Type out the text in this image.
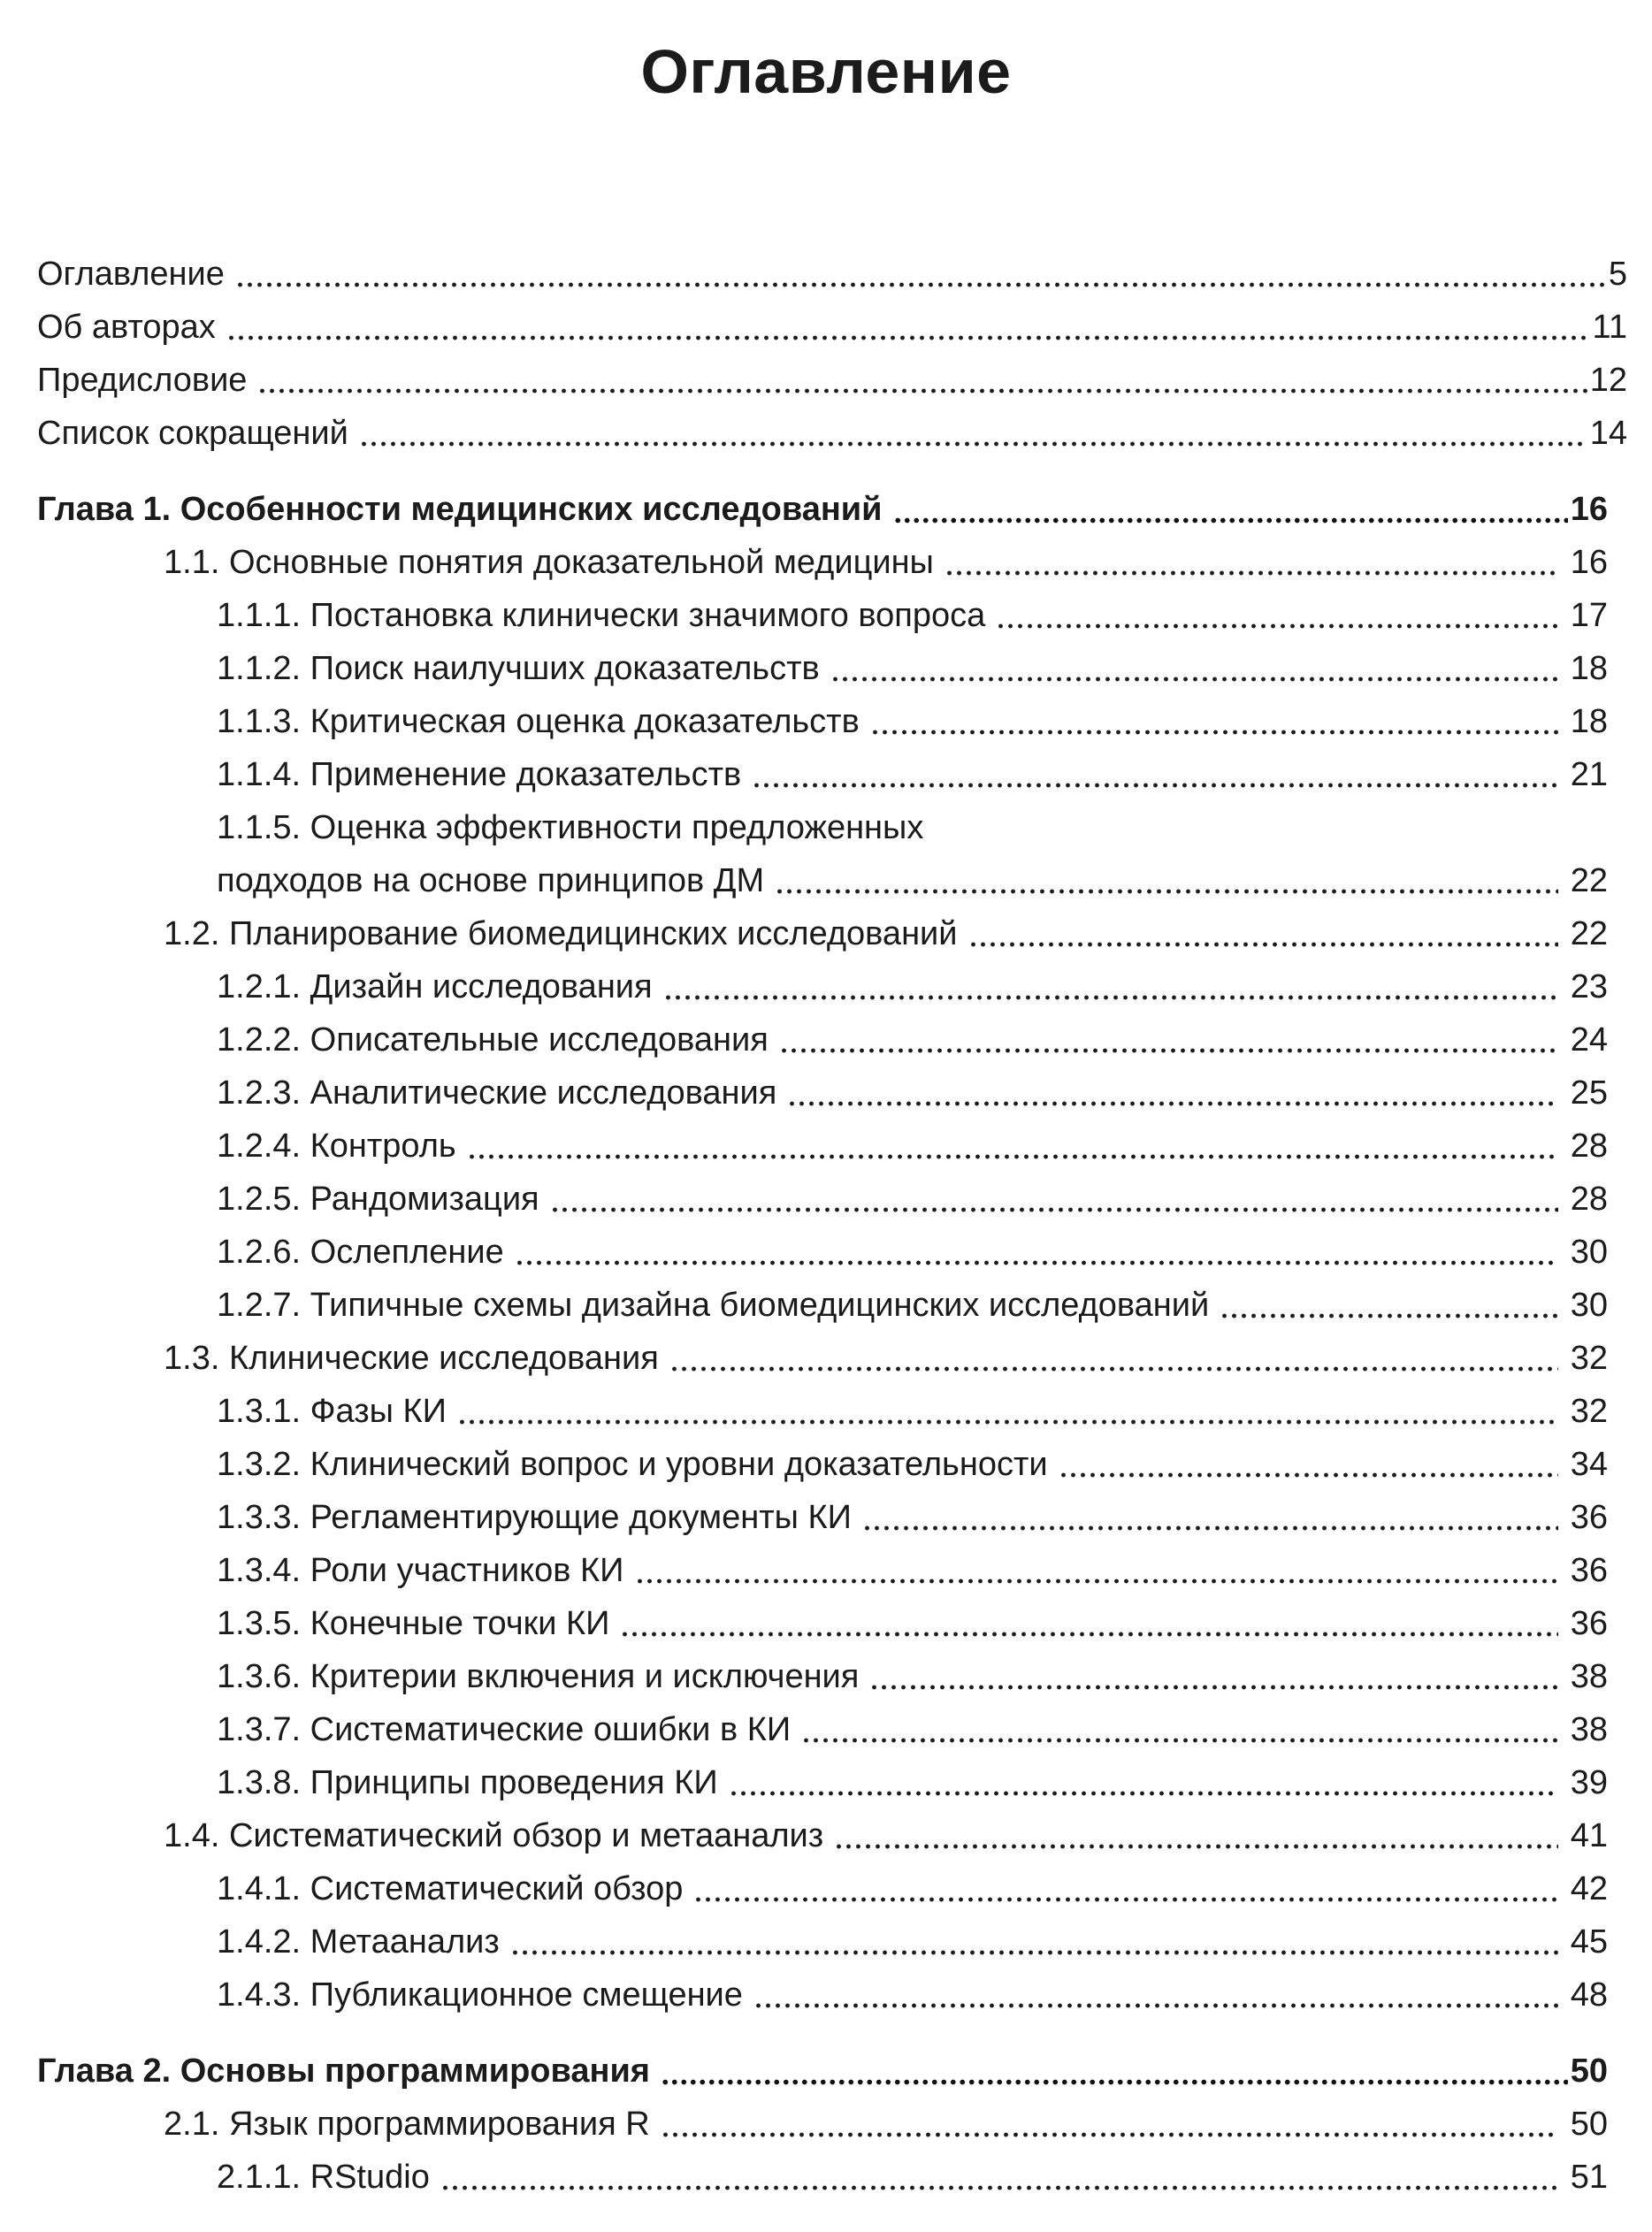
Оглавление
Оглавление	5
Об авторах	11
Предисловие	12
Список сокращений	14
Глава 1. Особенности медицинских исследований	16
1.1. Основные понятия доказательной медицины	16
1.1.1. Постановка клинически значимого вопроса	17
1.1.2. Поиск наилучших доказательств	18
1.1.3. Критическая оценка доказательств	18
1.1.4. Применение доказательств	21
1.1.5. Оценка эффективности предложенных
подходов на основе принципов ДМ	22
1.2. Планирование биомедицинских исследований	22
1.2.1. Дизайн исследования	23
1.2.2. Описательные исследования	24
1.2.3. Аналитические исследования	25
1.2.4. Контроль	28
1.2.5. Рандомизация	28
1.2.6. Ослепление	30
1.2.7. Типичные схемы дизайна биомедицинских исследований	30
1.3. Клинические исследования	32
1.3.1. Фазы КИ	32
1.3.2. Клинический вопрос и уровни доказательности	34
1.3.3. Регламентирующие документы КИ	36
1.3.4. Роли участников КИ	36
1.3.5. Конечные точки КИ	36
1.3.6. Критерии включения и исключения	38
1.3.7. Систематические ошибки в КИ	38
1.3.8. Принципы проведения КИ	39
1.4. Систематический обзор и метаанализ	41
1.4.1. Систематический обзор	42
1.4.2. Метаанализ	45
1.4.3. Публикационное смещение	48
Глава 2. Основы программирования	50
2.1. Язык программирования R	50
2.1.1. RStudio	51
